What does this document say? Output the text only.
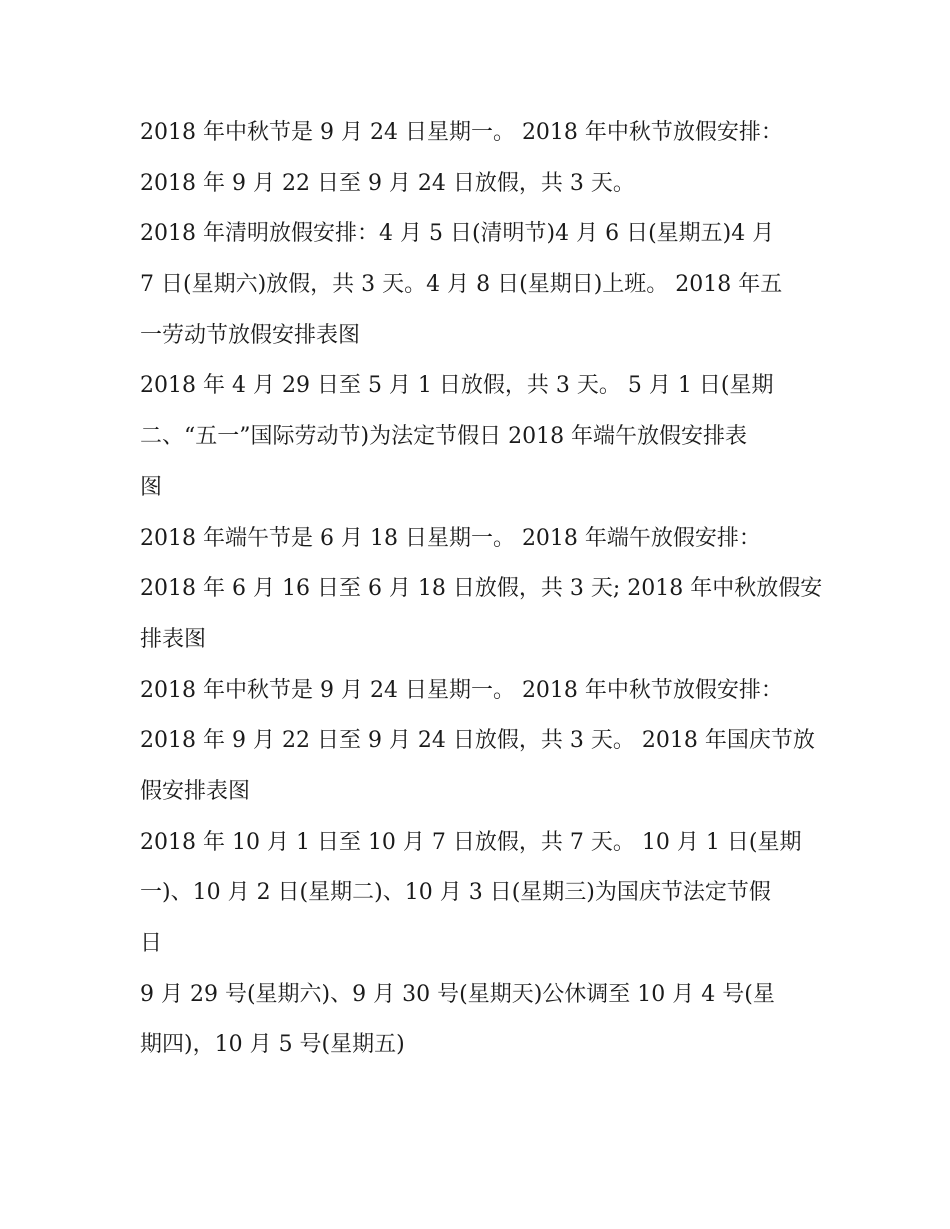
2018 年中秋节是 9 月 24 日星期一。 2018 年中秋节放假安排：
2018 年 9 月 22 日至 9 月 24 日放假，共 3 天。
2018 年清明放假安排：4 月 5 日(清明节)4 月 6 日(星期五)4 月
7 日(星期六)放假，共 3 天。4 月 8 日(星期日)上班。 2018 年五
一劳动节放假安排表图
2018 年 4 月 29 日至 5 月 1 日放假，共 3 天。 5 月 1 日(星期
二、“五一”国际劳动节)为法定节假日 2018 年端午放假安排表
图
2018 年端午节是 6 月 18 日星期一。 2018 年端午放假安排：
2018 年 6 月 16 日至 6 月 18 日放假，共 3 天; 2018 年中秋放假安
排表图
2018 年中秋节是 9 月 24 日星期一。 2018 年中秋节放假安排：
2018 年 9 月 22 日至 9 月 24 日放假，共 3 天。 2018 年国庆节放
假安排表图
2018 年 10 月 1 日至 10 月 7 日放假，共 7 天。 10 月 1 日(星期
一)、10 月 2 日(星期二)、10 月 3 日(星期三)为国庆节法定节假
日
9 月 29 号(星期六)、9 月 30 号(星期天)公休调至 10 月 4 号(星
期四)，10 月 5 号(星期五)
